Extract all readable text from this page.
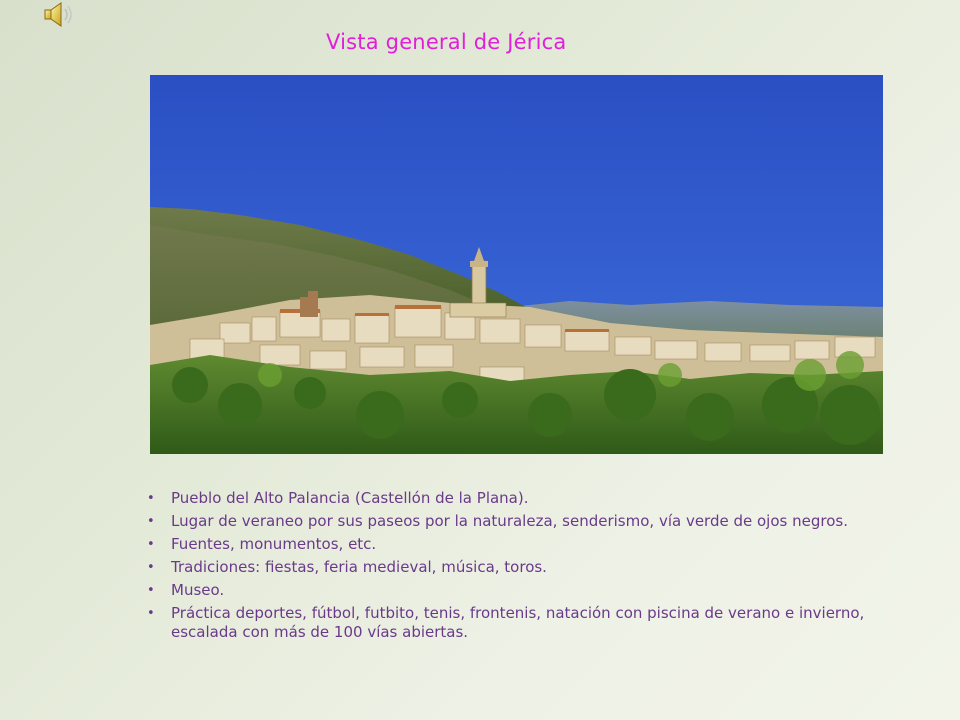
Vista general de Jérica
• Pueblo del Alto Palancia (Castellón de la Plana).
• Lugar de veraneo por sus paseos por la naturaleza, senderismo, vía verde de ojos negros.
• Fuentes, monumentos, etc.
• Tradiciones: fiestas, feria medieval, música, toros.
• Museo.
• Práctica deportes, fútbol, futbito, tenis, frontenis, natación con piscina de verano e invierno, escalada con más de 100 vías abiertas.
